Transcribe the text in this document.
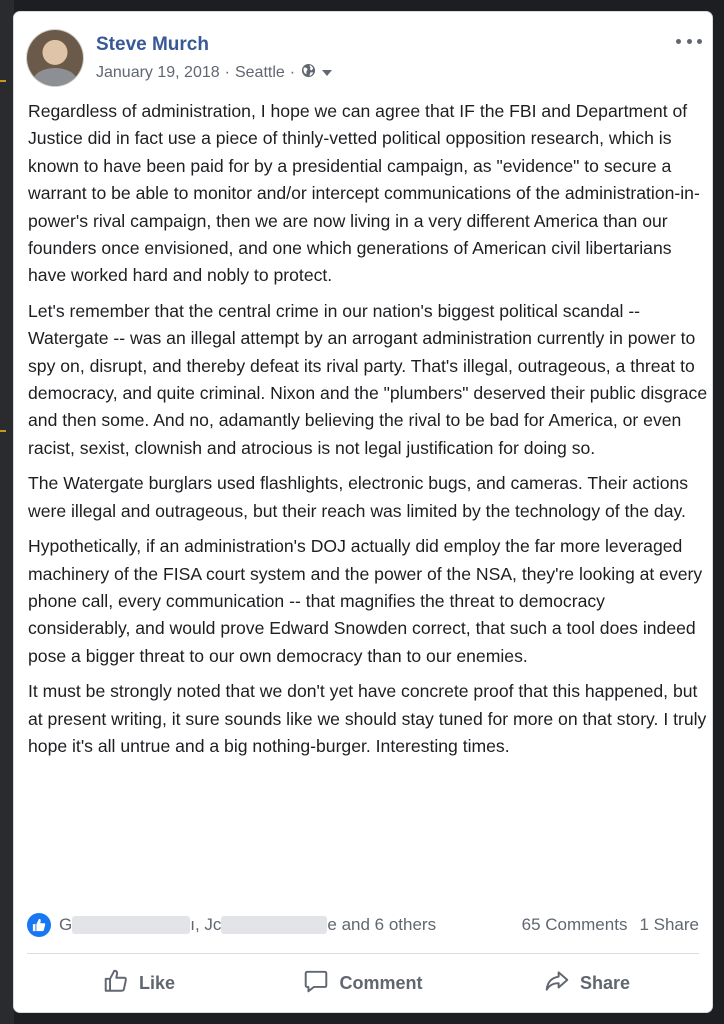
Steve Murch
January 19, 2018 · Seattle ·

Regardless of administration, I hope we can agree that IF the FBI and Department of Justice did in fact use a piece of thinly-vetted political opposition research, which is known to have been paid for by a presidential campaign, as "evidence" to secure a warrant to be able to monitor and/or intercept communications of the administration-in-power's rival campaign, then we are now living in a very different America than our founders once envisioned, and one which generations of American civil libertarians have worked hard and nobly to protect.

Let's remember that the central crime in our nation's biggest political scandal -- Watergate -- was an illegal attempt by an arrogant administration currently in power to spy on, disrupt, and thereby defeat its rival party. That's illegal, outrageous, a threat to democracy, and quite criminal. Nixon and the "plumbers" deserved their public disgrace and then some. And no, adamantly believing the rival to be bad for America, or even racist, sexist, clownish and atrocious is not legal justification for doing so.

The Watergate burglars used flashlights, electronic bugs, and cameras. Their actions were illegal and outrageous, but their reach was limited by the technology of the day.

Hypothetically, if an administration's DOJ actually did employ the far more leveraged machinery of the FISA court system and the power of the NSA, they're looking at every phone call, every communication -- that magnifies the threat to democracy considerably, and would prove Edward Snowden correct, that such a tool does indeed pose a bigger threat to our own democracy than to our enemies.

It must be strongly noted that we don't yet have concrete proof that this happened, but at present writing, it sure sounds like we should stay tuned for more on that story. I truly hope it's all untrue and a big nothing-burger. Interesting times.

G	ı, Jc	e and 6 others	65 Comments 1 Share
Like	Comment	Share
